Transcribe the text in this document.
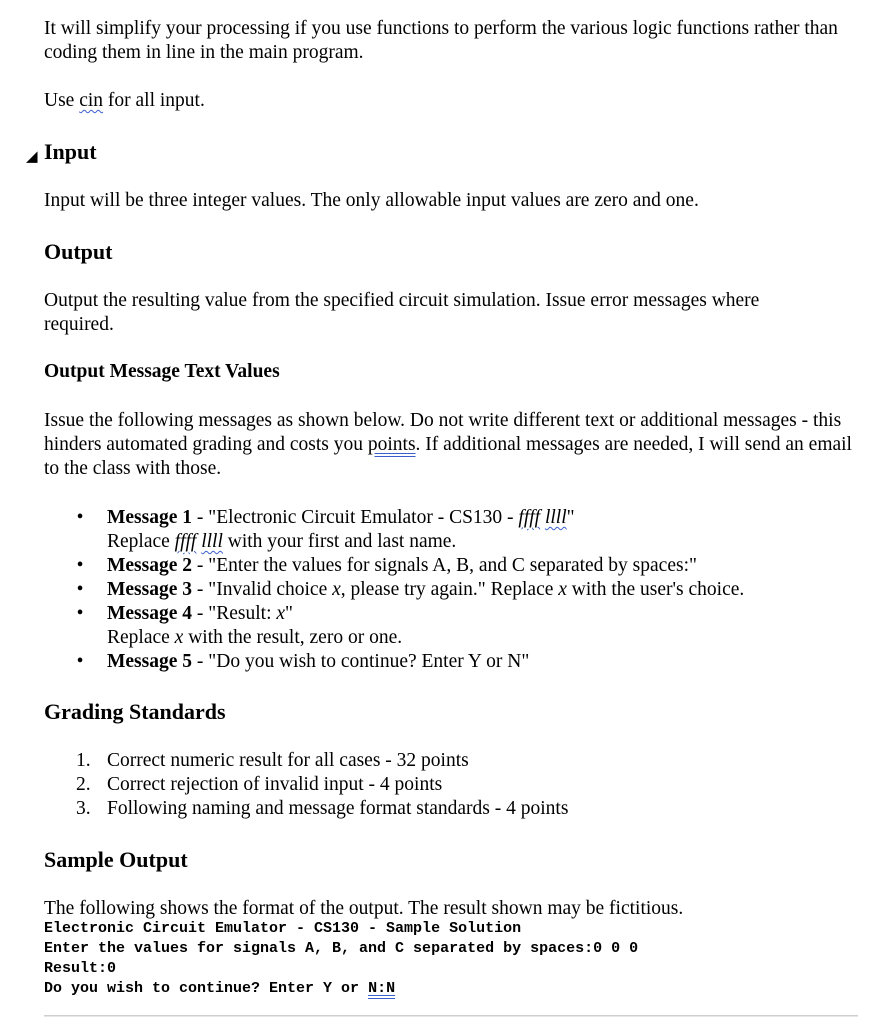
It will simplify your processing if you use functions to perform the various logic functions rather than coding them in line in the main program.
Use cin for all input.
◢ Input
Input will be three integer values. The only allowable input values are zero and one.
Output
Output the resulting value from the specified circuit simulation. Issue error messages where required.
Output Message Text Values
Issue the following messages as shown below. Do not write different text or additional messages - this hinders automated grading and costs you points. If additional messages are needed, I will send an email to the class with those.
• Message 1 - "Electronic Circuit Emulator - CS130 - ffff llll"
Replace ffff llll with your first and last name.
• Message 2 - "Enter the values for signals A, B, and C separated by spaces:"
• Message 3 - "Invalid choice x, please try again." Replace x with the user's choice.
• Message 4 - "Result: x"
Replace x with the result, zero or one.
• Message 5 - "Do you wish to continue? Enter Y or N"
Grading Standards
1. Correct numeric result for all cases - 32 points
2. Correct rejection of invalid input - 4 points
3. Following naming and message format standards - 4 points
Sample Output
The following shows the format of the output. The result shown may be fictitious.
Electronic Circuit Emulator - CS130 - Sample Solution
Enter the values for signals A, B, and C separated by spaces:0 0 0
Result:0
Do you wish to continue? Enter Y or N:N
